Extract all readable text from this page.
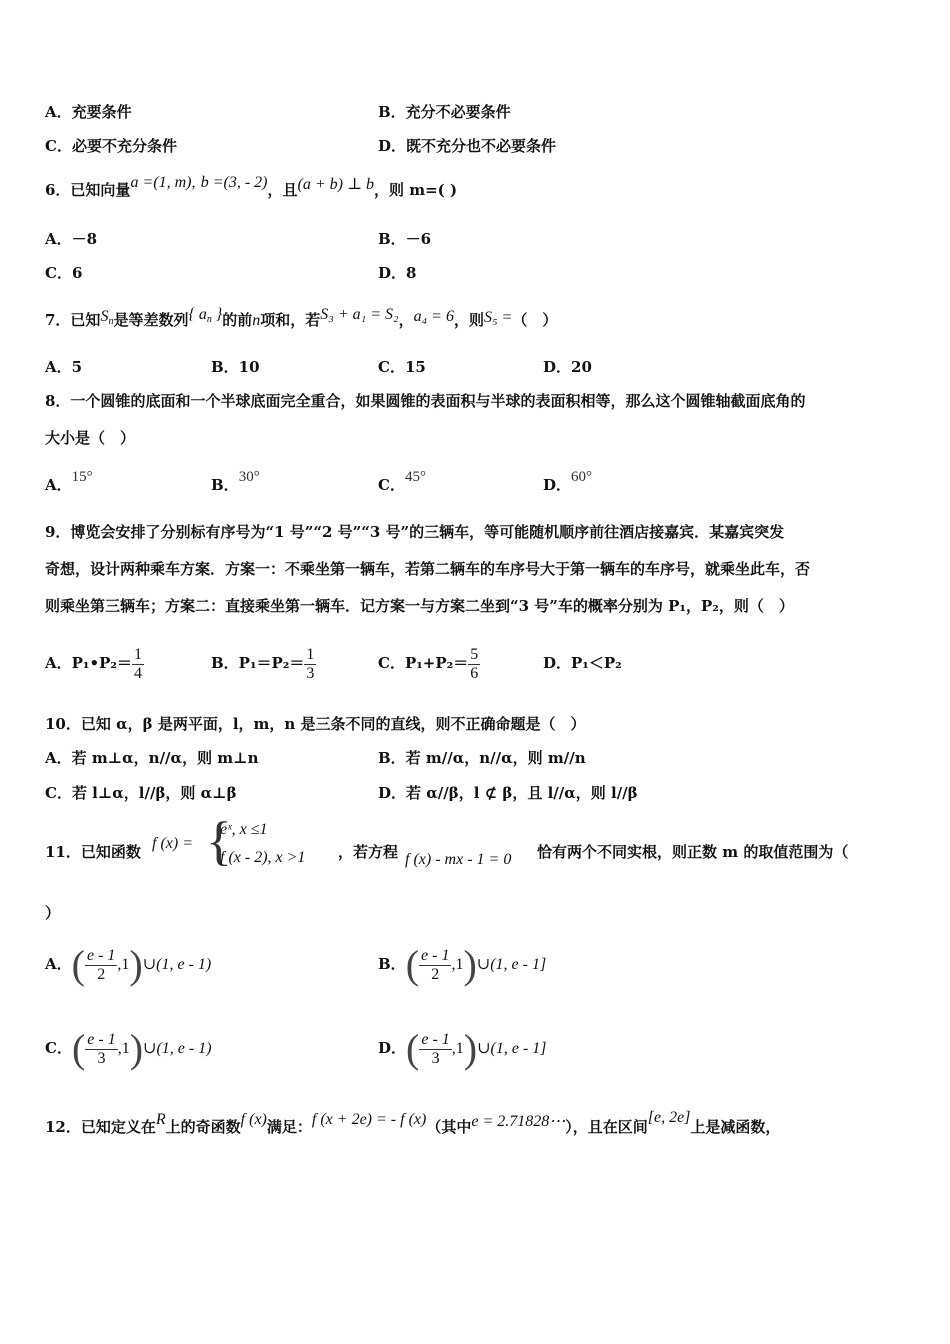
A．充要条件	B．充分不必要条件
C．必要不充分条件	D．既不充分也不必要条件
6．已知向量a =(1, m), b =(3, - 2)，且(a + b) ⊥ b，则 m=( )
A．－8	B．－6
C．6	D．8
7．已知$S_n$是等差数列{ $a_n$ }的前n项和，若S₃ + a₁ = S₂，a₄ = 6，则S₅ =（　）
A．5	B．10	C．15	D．20
8．一个圆锥的底面和一个半球底面完全重合，如果圆锥的表面积与半球的表面积相等，那么这个圆锥轴截面底角的
大小是（　）
A．15°	B．30°	C．45°	D．60°
9．博览会安排了分别标有序号为“1 号”“2 号”“3 号”的三辆车，等可能随机顺序前往酒店接嘉宾．某嘉宾突发
奇想，设计两种乘车方案．方案一：不乘坐第一辆车，若第二辆车的车序号大于第一辆车的车序号，就乘坐此车，否
则乘坐第三辆车；方案二：直接乘坐第一辆车．记方案一与方案二坐到“3 号”车的概率分别为 P₁，P₂，则（　）
A．P₁•P₂＝ $\frac{1}{4}$	B．$P_1=P_2= \frac{1}{3}$	C．$P_1+P_2= \frac{5}{6}$	D．P₁＜P₂
10．已知 α，β 是两平面，l，m，n 是三条不同的直线，则不正确命题是（　）
A．若 m⊥α，n//α，则 m⊥n	B．若 m//α，n//α，则 m//n
C．若 l⊥α，l//β，则 α⊥β	D．若 α//β，l ⊄ β，且 l//α，则 l//β
11．已知函数 f (x) = {
eˣ, x ≤1
f (x - 2), x >1 ，若方程 f (x) - mx - 1 = 0 恰有两个不同实根，则正数 m 的取值范围为（
）
A．( $\frac{e - 1}{2}$ ,1)∪(1, e - 1)	B．( $\frac{e - 1}{2}$ ,1)∪(1, e - 1]
C．( $\frac{e - 1}{3}$ ,1)∪(1, e - 1)	D．( $\frac{e - 1}{3}$ ,1)∪(1, e - 1]
12．已知定义在R上的奇函数f (x)满足：f (x + 2e) = - f (x)（其中e = 2.71828⋯），且在区间[e, 2e]上是减函数，
